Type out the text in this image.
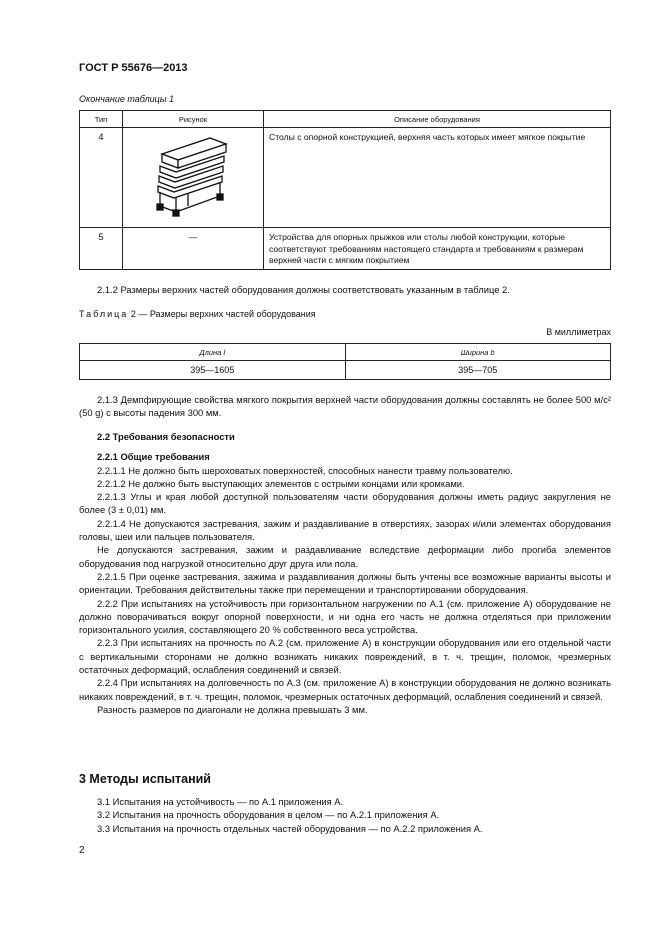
ГОСТ Р 55676—2013
Окончание таблицы 1
Тип	Рисунок	Описание оборудования
4		Столы с опорной конструкцией, верхняя часть которых имеет мягкое покрытие
5	—	Устройства для опорных прыжков или столы любой конструкции, которые соответствуют требованиям настоящего стандарта и требованиям к размерам верхней части с мягким покрытием

2.1.2 Размеры верхних частей оборудования должны соответствовать указанным в таблице 2.

Таблица 2 — Размеры верхних частей оборудования
В миллиметрах
Длина l	Ширина b
395—1605	395—705

2.1.3 Демпфирующие свойства мягкого покрытия верхней части оборудования должны составлять не более 500 м/с² (50 g) с высоты падения 300 мм.

2.2 Требования безопасности

2.2.1 Общие требования

2.2.1.1 Не должно быть шероховатых поверхностей, способных нанести травму пользователю.

2.2.1.2 Не должно быть выступающих элементов с острыми концами или кромками.

2.2.1.3 Углы и края любой доступной пользователям части оборудования должны иметь радиус закругления не более (3 ± 0,01) мм.

2.2.1.4 Не допускаются застревания, зажим и раздавливание в отверстиях, зазорах и/или элементах оборудования головы, шеи или пальцев пользователя.

Не допускаются застревания, зажим и раздавливание вследствие деформации либо прогиба элементов оборудования под нагрузкой относительно друг друга или пола.

2.2.1.5 При оценке застревания, зажима и раздавливания должны быть учтены все возможные варианты высоты и ориентации. Требования действительны также при перемещении и транспортировании оборудования.

2.2.2 При испытаниях на устойчивость при горизонтальном нагружении по А.1 (см. приложение А) оборудование не должно поворачиваться вокруг опорной поверхности, и ни одна его часть не должна отделяться при приложении горизонтального усилия, составляющего 20 % собственного веса устройства.

2.2.3 При испытаниях на прочность по А.2 (см. приложение А) в конструкции оборудования или его отдельной части с вертикальными сторонами не должно возникать никаких повреждений, в т. ч. трещин, поломок, чрезмерных остаточных деформаций, ослабления соединений и связей.

2.2.4 При испытаниях на долговечность по А.3 (см. приложение А) в конструкции оборудования не должно возникать никаких повреждений, в т. ч. трещин, поломок, чрезмерных остаточных деформаций, ослабления соединений и связей.

Разность размеров по диагонали не должна превышать 3 мм.

3 Методы испытаний

3.1 Испытания на устойчивость — по А.1 приложения А.

3.2 Испытания на прочность оборудования в целом — по А.2.1 приложения А.

3.3 Испытания на прочность отдельных частей оборудования — по А.2.2 приложения А.

2
